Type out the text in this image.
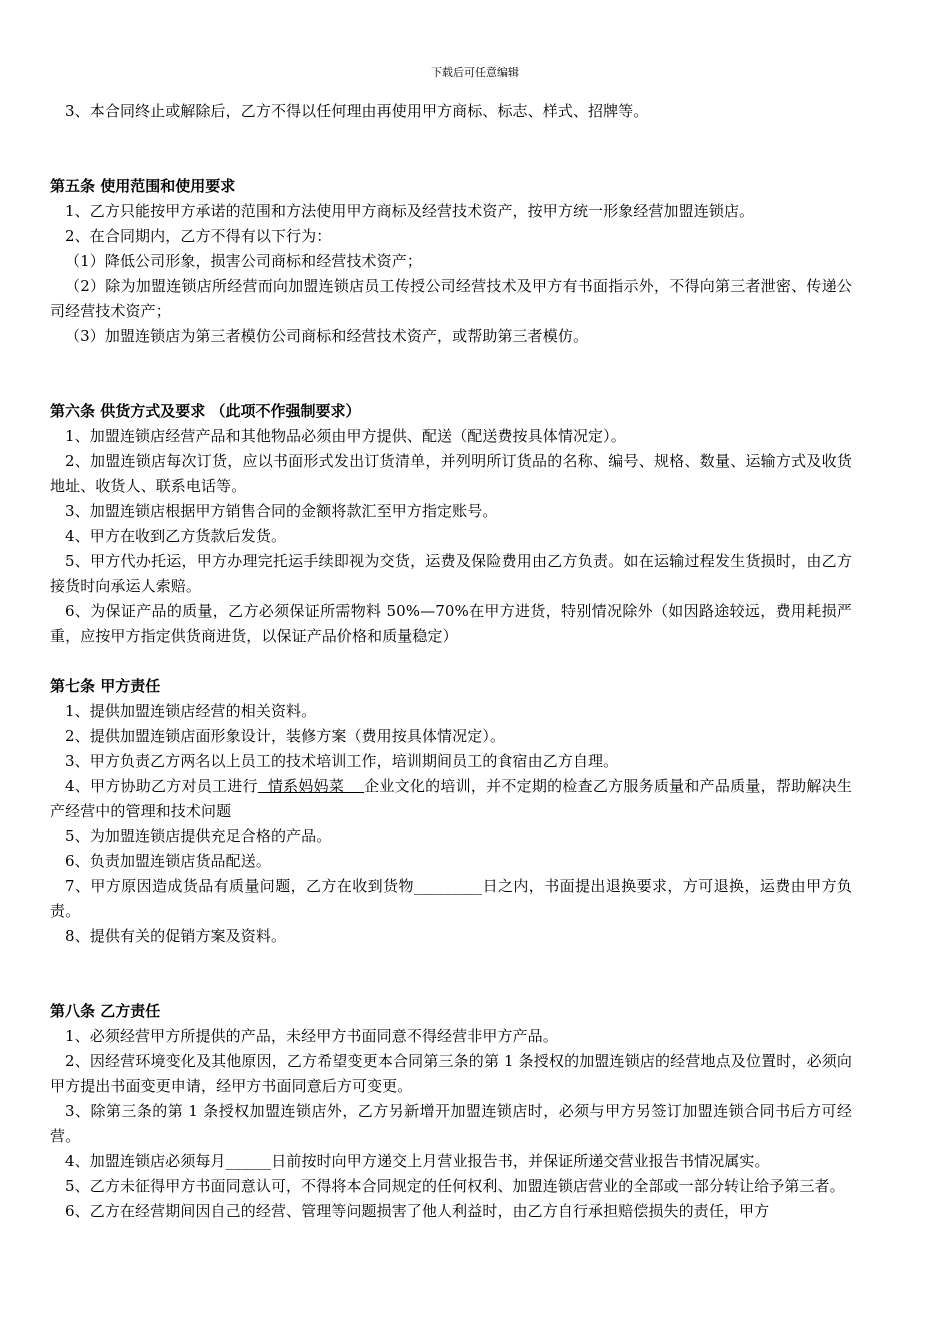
下载后可任意编辑

3、本合同终止或解除后，乙方不得以任何理由再使用甲方商标、标志、样式、招牌等。

第五条 使用范围和使用要求

1、乙方只能按甲方承诺的范围和方法使用甲方商标及经营技术资产，按甲方统一形象经营加盟连锁店。

2、在合同期内，乙方不得有以下行为：

（1）降低公司形象，损害公司商标和经营技术资产；

（2）除为加盟连锁店所经营而向加盟连锁店员工传授公司经营技术及甲方有书面指示外，不得向第三者泄密、传递公司经营技术资产；

（3）加盟连锁店为第三者模仿公司商标和经营技术资产，或帮助第三者模仿。

第六条 供货方式及要求 （此项不作强制要求）

1、加盟连锁店经营产品和其他物品必须由甲方提供、配送（配送费按具体情况定）。

2、加盟连锁店每次订货，应以书面形式发出订货清单，并列明所订货品的名称、编号、规格、数量、运输方式及收货地址、收货人、联系电话等。

3、加盟连锁店根据甲方销售合同的金额将款汇至甲方指定账号。

4、甲方在收到乙方货款后发货。

5、甲方代办托运，甲方办理完托运手续即视为交货，运费及保险费用由乙方负责。如在运输过程发生货损时，由乙方接货时向承运人索赔。

6、为保证产品的质量，乙方必须保证所需物料 50%—70%在甲方进货，特别情况除外（如因路途较远，费用耗损严重，应按甲方指定供货商进货，以保证产品价格和质量稳定）

第七条 甲方责任

1、提供加盟连锁店经营的相关资料。

2、提供加盟连锁店面形象设计，装修方案（费用按具体情况定）。

3、甲方负责乙方两名以上员工的技术培训工作，培训期间员工的食宿由乙方自理。

4、甲方协助乙方对员工进行  情系妈妈菜    企业文化的培训，并不定期的检查乙方服务质量和产品质量，帮助解决生产经营中的管理和技术问题

5、为加盟连锁店提供充足合格的产品。

6、负责加盟连锁店货品配送。

7、甲方原因造成货品有质量问题，乙方在收到货物_________日之内，书面提出退换要求，方可退换，运费由甲方负责。

8、提供有关的促销方案及资料。

第八条 乙方责任

1、必须经营甲方所提供的产品，未经甲方书面同意不得经营非甲方产品。

2、因经营环境变化及其他原因，乙方希望变更本合同第三条的第 1 条授权的加盟连锁店的经营地点及位置时，必须向甲方提出书面变更申请，经甲方书面同意后方可变更。

3、除第三条的第 1 条授权加盟连锁店外，乙方另新增开加盟连锁店时，必须与甲方另签订加盟连锁合同书后方可经营。

4、加盟连锁店必须每月______日前按时向甲方递交上月营业报告书，并保证所递交营业报告书情况属实。

5、乙方未征得甲方书面同意认可，不得将本合同规定的任何权利、加盟连锁店营业的全部或一部分转让给予第三者。

6、乙方在经营期间因自己的经营、管理等问题损害了他人利益时，由乙方自行承担赔偿损失的责任，甲方
